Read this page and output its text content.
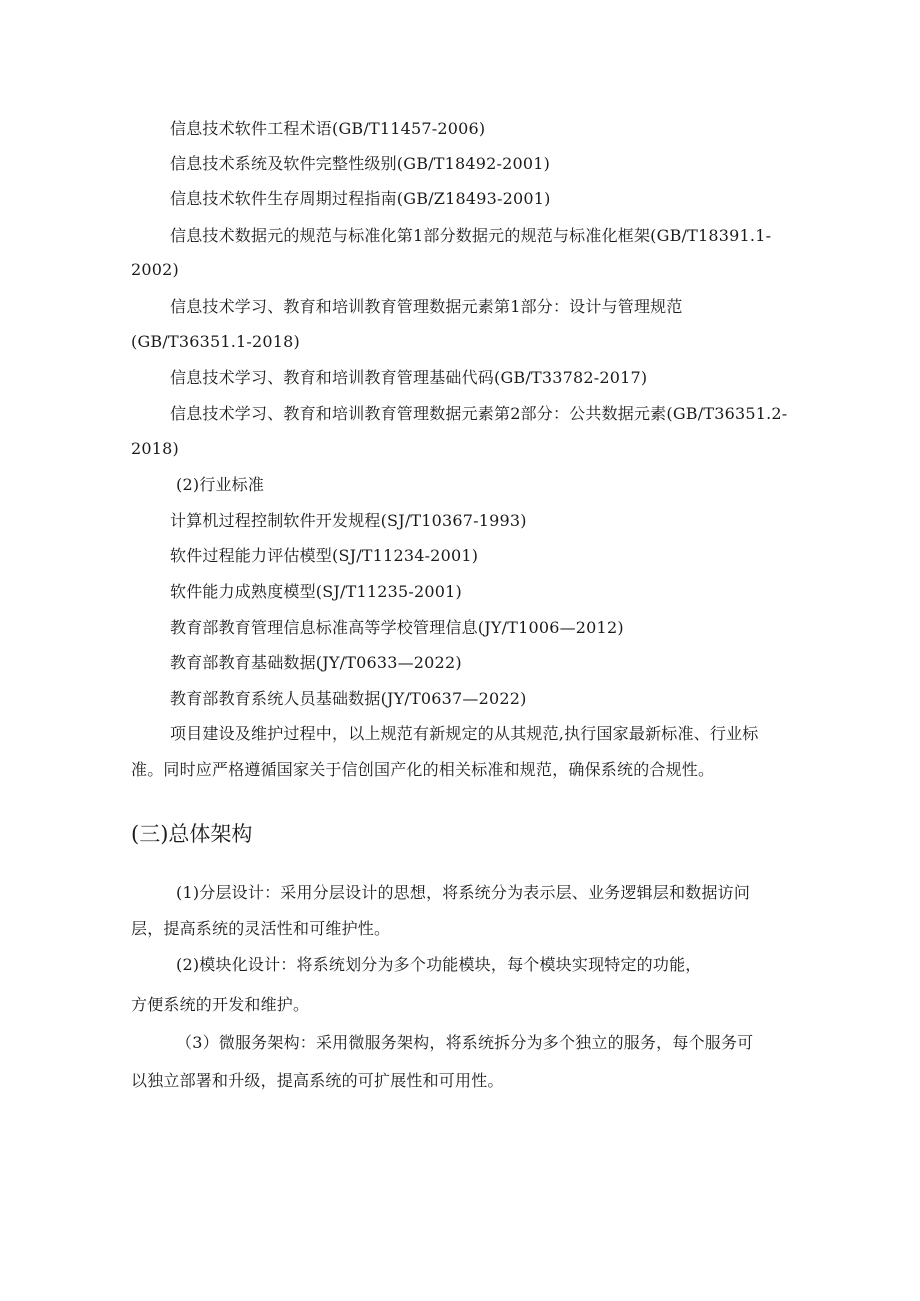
信息技术软件工程术语(GB/T11457-2006)
信息技术系统及软件完整性级别(GB/T18492-2001)
信息技术软件生存周期过程指南(GB/Z18493-2001)
信息技术数据元的规范与标准化第1部分数据元的规范与标准化框架(GB/T18391.1-
2002)
信息技术学习、教育和培训教育管理数据元素第1部分：设计与管理规范
(GB/T36351.1-2018)
信息技术学习、教育和培训教育管理基础代码(GB/T33782-2017)
信息技术学习、教育和培训教育管理数据元素第2部分：公共数据元素(GB/T36351.2-
2018)
(2)行业标准
计算机过程控制软件开发规程(SJ/T10367-1993)
软件过程能力评估模型(SJ/T11234-2001)
软件能力成熟度模型(SJ/T11235-2001)
教育部教育管理信息标准高等学校管理信息(JY/T1006—2012)
教育部教育基础数据(JY/T0633—2022)
教育部教育系统人员基础数据(JY/T0637—2022)
项目建设及维护过程中，以上规范有新规定的从其规范,执行国家最新标准、行业标
准。同时应严格遵循国家关于信创国产化的相关标准和规范，确保系统的合规性。
(三)总体架构
(1)分层设计：采用分层设计的思想，将系统分为表示层、业务逻辑层和数据访问
层，提高系统的灵活性和可维护性。
(2)模块化设计：将系统划分为多个功能模块，每个模块实现特定的功能，
方便系统的开发和维护。
（3）微服务架构：采用微服务架构，将系统拆分为多个独立的服务，每个服务可
以独立部署和升级，提高系统的可扩展性和可用性。
